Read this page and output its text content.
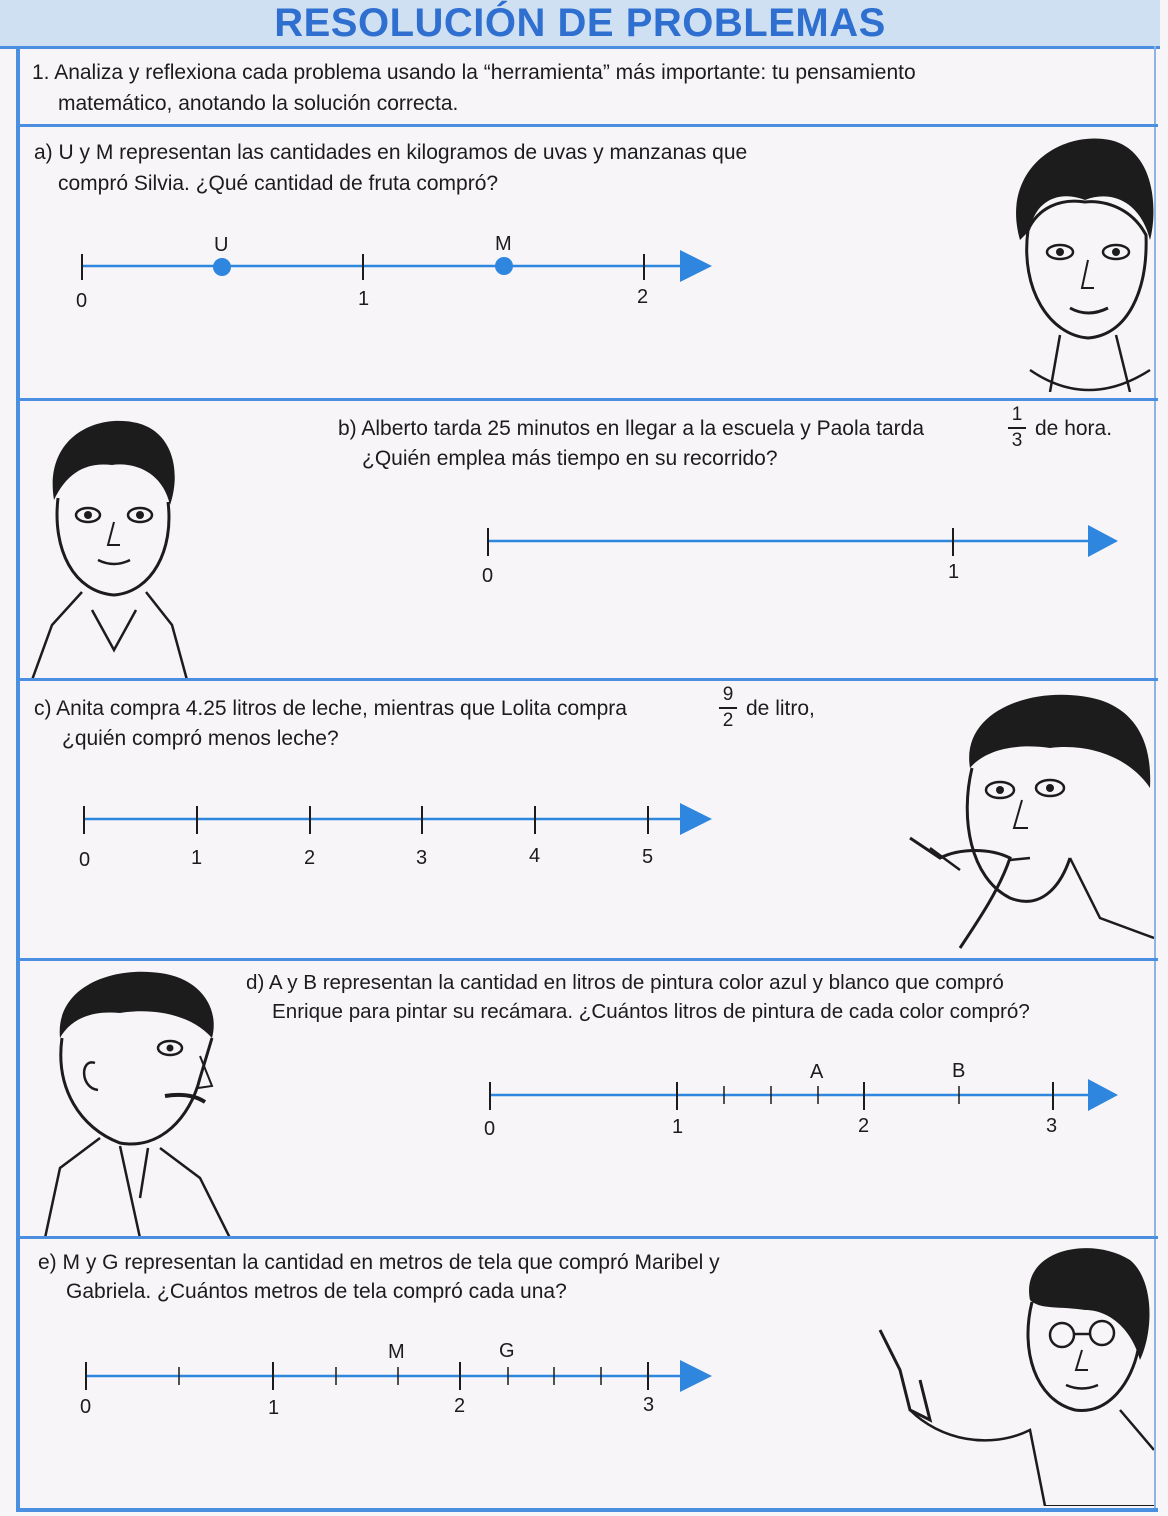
RESOLUCIÓN DE PROBLEMAS
1. Analiza y reflexiona cada problema usando la “herramienta” más importante: tu pensamiento
matemático, anotando la solución correcta.
a) U y M representan las cantidades en kilogramos de uvas y manzanas que
compró Silvia. ¿Qué cantidad de fruta compró?
0	1	2
U	M
b) Alberto tarda 25 minutos en llegar a la escuela y Paola tarda
1
3
de hora.
¿Quién emplea más tiempo en su recorrido?
0	1
c) Anita compra 4.25 litros de leche, mientras que Lolita compra
9
2
de litro,
¿quién compró menos leche?
0	1	2	3	4	5
d) A y B representan la cantidad en litros de pintura color azul y blanco que compró
Enrique para pintar su recámara. ¿Cuántos litros de pintura de cada color compró?
0	1	2	3
A	B
e) M y G representan la cantidad en metros de tela que compró Maribel y
Gabriela. ¿Cuántos metros de tela compró cada una?
0	1	2	3
M	G
